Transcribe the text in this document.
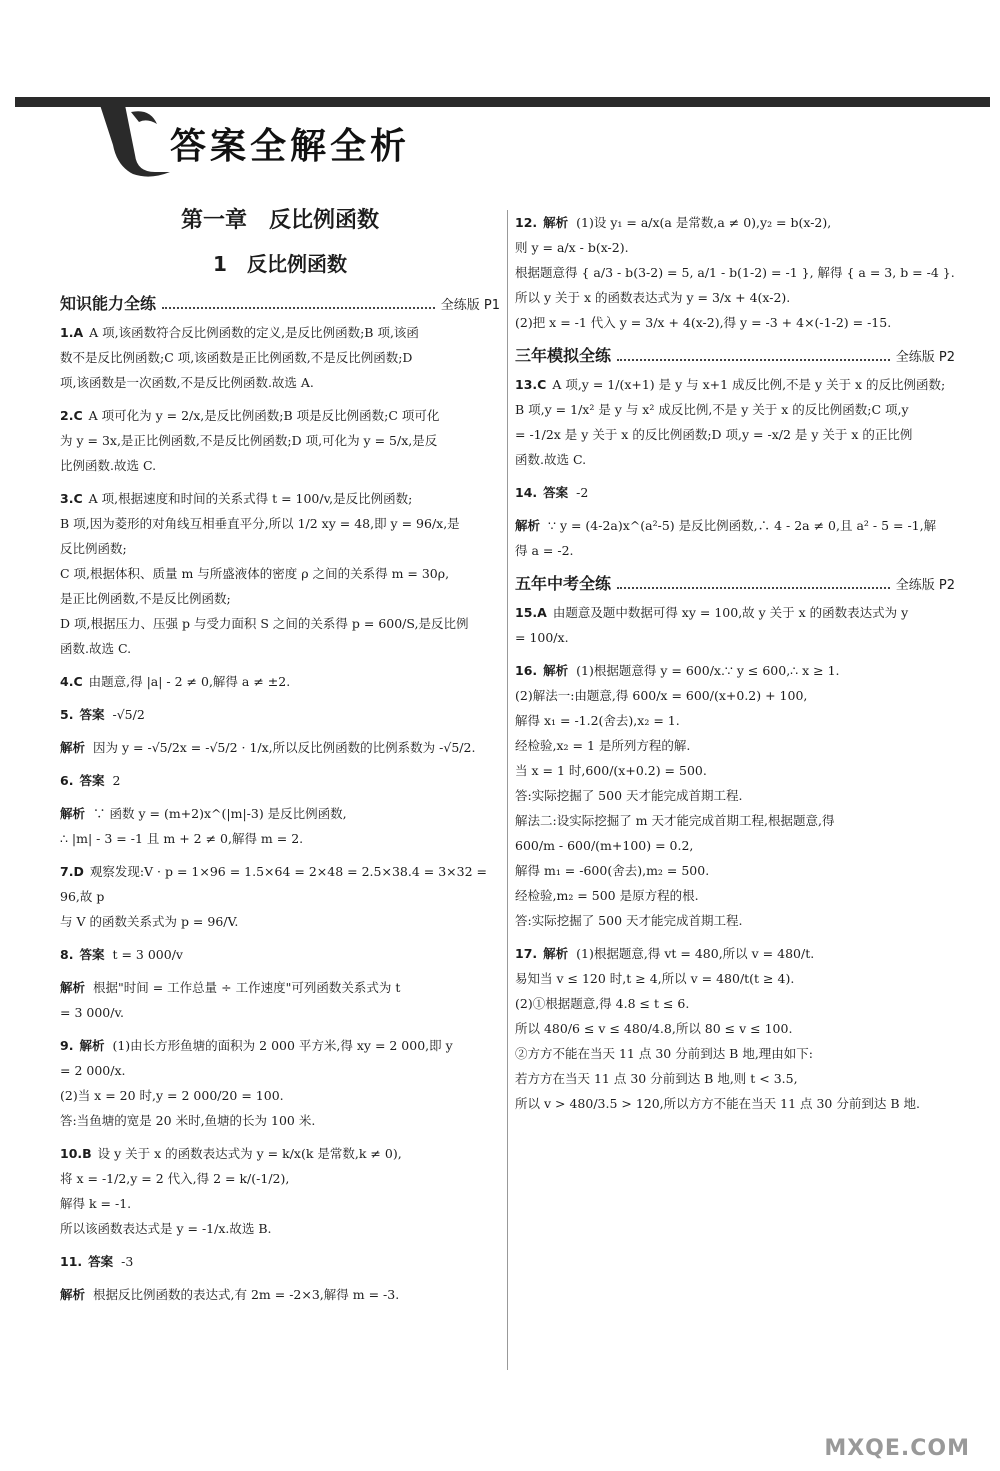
答案全解全析
第一章　反比例函数
1　反比例函数
知识能力全练	全练版 P1

1.A A 项,该函数符合反比例函数的定义,是反比例函数;B 项,该函

数不是反比例函数;C 项,该函数是正比例函数,不是反比例函数;D

项,该函数是一次函数,不是反比例函数.故选 A.

2.C A 项可化为 y = 2/x,是反比例函数;B 项是反比例函数;C 项可化

为 y = 3x,是正比例函数,不是反比例函数;D 项,可化为 y = 5/x,是反

比例函数.故选 C.

3.C A 项,根据速度和时间的关系式得 t = 100/v,是反比例函数;

B 项,因为菱形的对角线互相垂直平分,所以 1/2 xy = 48,即 y = 96/x,是

反比例函数;

C 项,根据体积、质量 m 与所盛液体的密度 ρ 之间的关系得 m = 30ρ,

是正比例函数,不是反比例函数;

D 项,根据压力、压强 p 与受力面积 S 之间的关系得 p = 600/S,是反比例

函数.故选 C.

4.C 由题意,得 |a| - 2 ≠ 0,解得 a ≠ ±2.

5. 答案 -√5/2

解析 因为 y = -√5/2x = -√5/2 · 1/x,所以反比例函数的比例系数为 -√5/2.

6. 答案 2

解析 ∵ 函数 y = (m+2)x^(|m|-3) 是反比例函数,

∴ |m| - 3 = -1 且 m + 2 ≠ 0,解得 m = 2.

7.D 观察发现:V · p = 1×96 = 1.5×64 = 2×48 = 2.5×38.4 = 3×32 = 96,故 p

与 V 的函数关系式为 p = 96/V.

8. 答案 t = 3 000/v

解析 根据"时间 = 工作总量 ÷ 工作速度"可列函数关系式为 t

= 3 000/v.

9. 解析 (1)由长方形鱼塘的面积为 2 000 平方米,得 xy = 2 000,即 y

= 2 000/x.

(2)当 x = 20 时,y = 2 000/20 = 100.

答:当鱼塘的宽是 20 米时,鱼塘的长为 100 米.

10.B 设 y 关于 x 的函数表达式为 y = k/x(k 是常数,k ≠ 0),

将 x = -1/2,y = 2 代入,得 2 = k/(-1/2),

解得 k = -1.

所以该函数表达式是 y = -1/x.故选 B.

11. 答案 -3

解析 根据反比例函数的表达式,有 2m = -2×3,解得 m = -3.

12. 解析 (1)设 y₁ = a/x(a 是常数,a ≠ 0),y₂ = b(x-2),

则 y = a/x - b(x-2).

根据题意得 { a/3 - b(3-2) = 5, a/1 - b(1-2) = -1 }, 解得 { a = 3, b = -4 }.

所以 y 关于 x 的函数表达式为 y = 3/x + 4(x-2).

(2)把 x = -1 代入 y = 3/x + 4(x-2),得 y = -3 + 4×(-1-2) = -15.

三年模拟全练	全练版 P2

13.C A 项,y = 1/(x+1) 是 y 与 x+1 成反比例,不是 y 关于 x 的反比例函数;

B 项,y = 1/x² 是 y 与 x² 成反比例,不是 y 关于 x 的反比例函数;C 项,y

= -1/2x 是 y 关于 x 的反比例函数;D 项,y = -x/2 是 y 关于 x 的正比例

函数.故选 C.

14. 答案 -2

解析 ∵ y = (4-2a)x^(a²-5) 是反比例函数,∴ 4 - 2a ≠ 0,且 a² - 5 = -1,解

得 a = -2.

五年中考全练	全练版 P2

15.A 由题意及题中数据可得 xy = 100,故 y 关于 x 的函数表达式为 y

= 100/x.

16. 解析 (1)根据题意得 y = 600/x.∵ y ≤ 600,∴ x ≥ 1.

(2)解法一:由题意,得 600/x = 600/(x+0.2) + 100,

解得 x₁ = -1.2(舍去),x₂ = 1.

经检验,x₂ = 1 是所列方程的解.

当 x = 1 时,600/(x+0.2) = 500.

答:实际挖掘了 500 天才能完成首期工程.

解法二:设实际挖掘了 m 天才能完成首期工程,根据题意,得

600/m - 600/(m+100) = 0.2,

解得 m₁ = -600(舍去),m₂ = 500.

经检验,m₂ = 500 是原方程的根.

答:实际挖掘了 500 天才能完成首期工程.

17. 解析 (1)根据题意,得 vt = 480,所以 v = 480/t.

易知当 v ≤ 120 时,t ≥ 4,所以 v = 480/t(t ≥ 4).

(2)①根据题意,得 4.8 ≤ t ≤ 6.

所以 480/6 ≤ v ≤ 480/4.8,所以 80 ≤ v ≤ 100.

②方方不能在当天 11 点 30 分前到达 B 地,理由如下:

若方方在当天 11 点 30 分前到达 B 地,则 t < 3.5,

所以 v > 480/3.5 > 120,所以方方不能在当天 11 点 30 分前到达 B 地.

MXQE.COM
